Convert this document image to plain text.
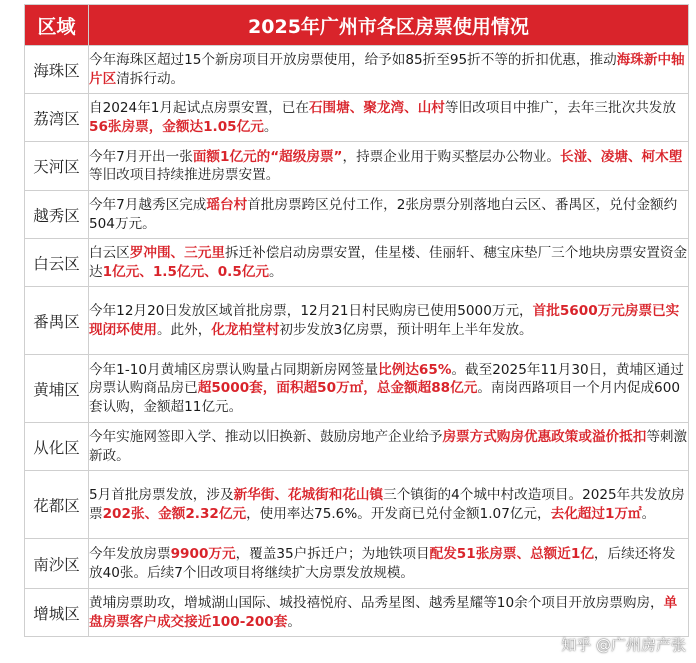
区域	2025年广州市各区房票使用情况
海珠区	今年海珠区超过15个新房项目开放房票使用，给予如85折至95折不等的折扣优惠，推动海珠新中轴片区清拆行动。
荔湾区	自2024年1月起试点房票安置，已在石围塘、聚龙湾、山村等旧改项目中推广，去年三批次共发放56张房票，金额达1.05亿元。
天河区	今年7月开出一张面额1亿元的“超级房票”，持票企业用于购买整层办公物业。长湴、凌塘、柯木塱等旧改项目持续推进房票安置。
越秀区	今年7月越秀区完成瑶台村首批房票跨区兑付工作，2张房票分别落地白云区、番禺区，兑付金额约504万元。
白云区	白云区罗冲围、三元里拆迁补偿启动房票安置，佳星楼、佳丽轩、穗宝床垫厂三个地块房票安置资金达1亿元、1.5亿元、0.5亿元。
番禺区	今年12月20日发放区域首批房票，12月21日村民购房已使用5000万元，首批5600万元房票已实现闭环使用。此外，化龙柏堂村初步发放3亿房票，预计明年上半年发放。
黄埔区	今年1-10月黄埔区房票认购量占同期新房网签量比例达65%。截至2025年11月30日，黄埔区通过房票认购商品房已超5000套，面积超50万㎡，总金额超88亿元。南岗西路项目一个月内促成600套认购，金额超11亿元。
从化区	今年实施网签即入学、推动以旧换新、鼓励房地产企业给予房票方式购房优惠政策或溢价抵扣等刺激新政。
花都区	5月首批房票发放，涉及新华街、花城街和花山镇三个镇街的4个城中村改造项目。2025年共发放房票202张、金额2.32亿元，使用率达75.6%。开发商已兑付金额1.07亿元，去化超过1万㎡。
南沙区	今年发放房票9900万元，覆盖35户拆迁户；为地铁项目配发51张房票、总额近1亿，后续还将发放40张。后续7个旧改项目将继续扩大房票发放规模。
增城区	黄埔房票助攻，增城湖山国际、城投禧悦府、品秀星图、越秀星耀等10余个项目开放房票购房，单盘房票客户成交接近100-200套。
知乎 @广州房产张
